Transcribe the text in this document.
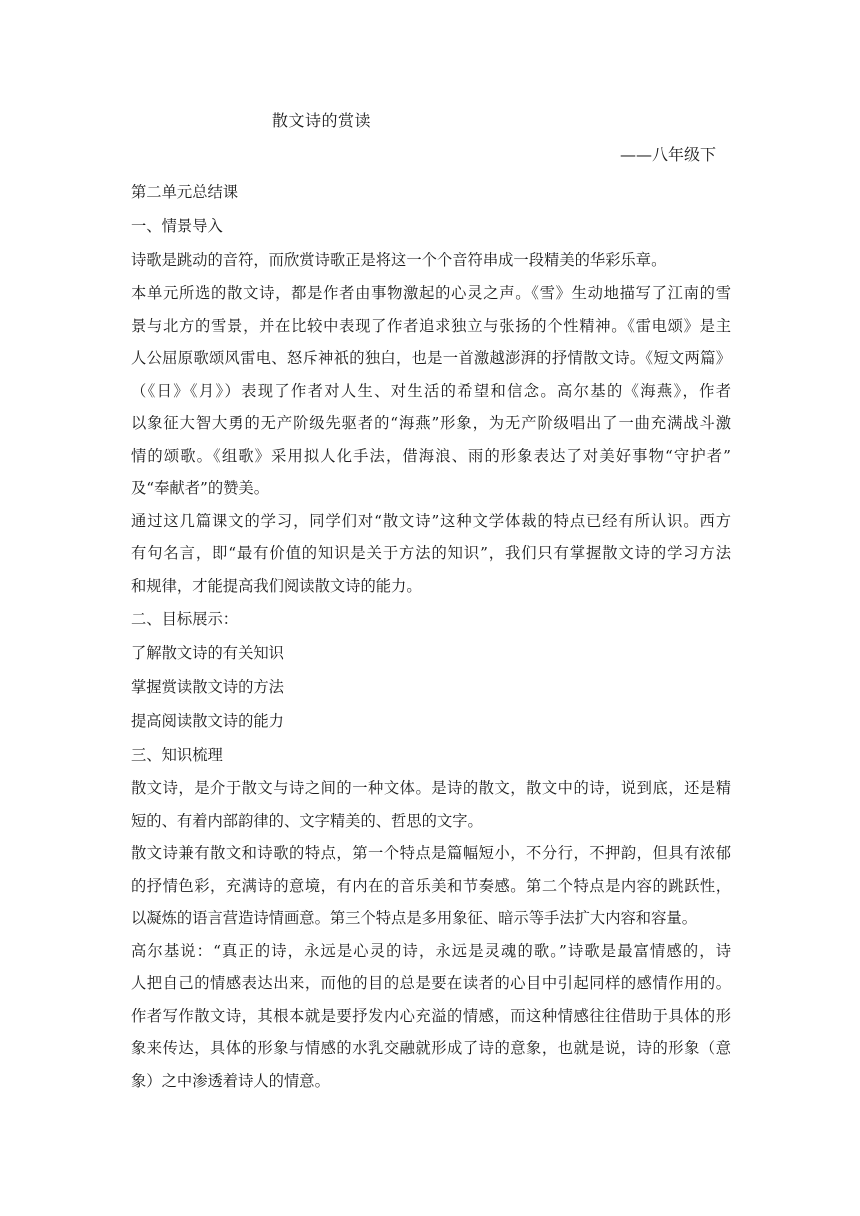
散文诗的赏读
——八年级下
第二单元总结课
一、情景导入
诗歌是跳动的音符，而欣赏诗歌正是将这一个个音符串成一段精美的华彩乐章。
本单元所选的散文诗，都是作者由事物激起的心灵之声。《雪》生动地描写了江南的雪
景与北方的雪景，并在比较中表现了作者追求独立与张扬的个性精神。《雷电颂》是主
人公屈原歌颂风雷电、怒斥神祇的独白，也是一首激越澎湃的抒情散文诗。《短文两篇》
（《日》《月》）表现了作者对人生、对生活的希望和信念。高尔基的《海燕》，作者
以象征大智大勇的无产阶级先驱者的“海燕”形象，为无产阶级唱出了一曲充满战斗激
情的颂歌。《组歌》采用拟人化手法，借海浪、雨的形象表达了对美好事物“守护者”
及“奉献者”的赞美。
通过这几篇课文的学习，同学们对“散文诗”这种文学体裁的特点已经有所认识。西方
有句名言，即“最有价值的知识是关于方法的知识”，我们只有掌握散文诗的学习方法
和规律，才能提高我们阅读散文诗的能力。
二、目标展示：
了解散文诗的有关知识
掌握赏读散文诗的方法
提高阅读散文诗的能力
三、知识梳理
散文诗，是介于散文与诗之间的一种文体。是诗的散文，散文中的诗，说到底，还是精
短的、有着内部韵律的、文字精美的、哲思的文字。
散文诗兼有散文和诗歌的特点，第一个特点是篇幅短小，不分行，不押韵，但具有浓郁
的抒情色彩，充满诗的意境，有内在的音乐美和节奏感。第二个特点是内容的跳跃性，
以凝炼的语言营造诗情画意。第三个特点是多用象征、暗示等手法扩大内容和容量。
高尔基说：“真正的诗，永远是心灵的诗，永远是灵魂的歌。”诗歌是最富情感的，诗
人把自己的情感表达出来，而他的目的总是要在读者的心目中引起同样的感情作用的。
作者写作散文诗，其根本就是要抒发内心充溢的情感，而这种情感往往借助于具体的形
象来传达，具体的形象与情感的水乳交融就形成了诗的意象，也就是说，诗的形象（意
象）之中渗透着诗人的情意。
